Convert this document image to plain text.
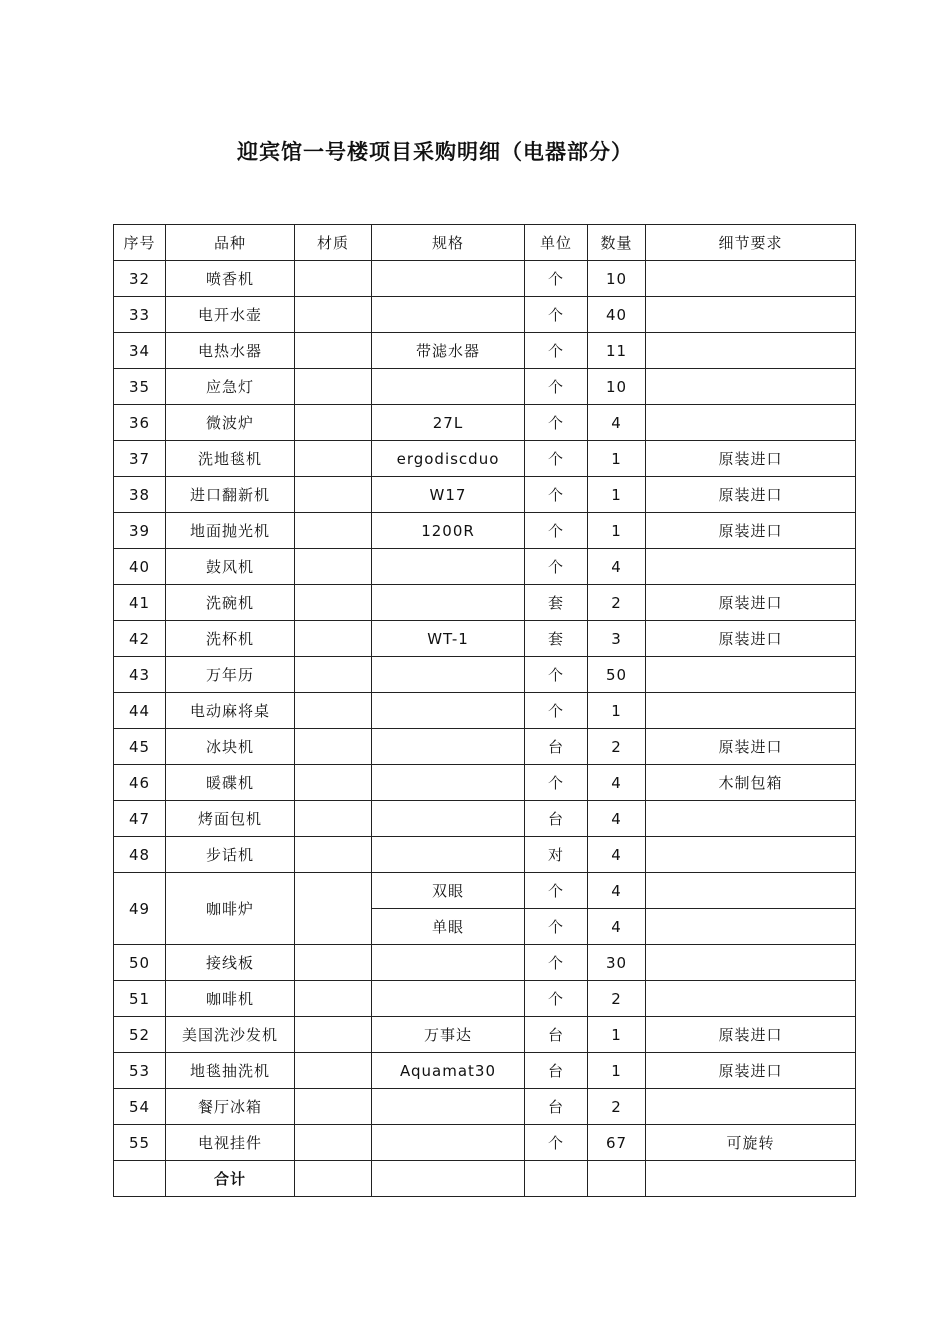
迎宾馆一号楼项目采购明细（电器部分）
序号	品种	材质	规格	单位	数量	细节要求
32	喷香机			个	10	
33	电开水壶			个	40	
34	电热水器		带滤水器	个	11	
35	应急灯			个	10	
36	微波炉		27L	个	4	
37	洗地毯机		ergodiscduo	个	1	原装进口
38	进口翻新机		W17	个	1	原装进口
39	地面抛光机		1200R	个	1	原装进口
40	鼓风机			个	4	
41	洗碗机			套	2	原装进口
42	洗杯机		WT-1	套	3	原装进口
43	万年历			个	50	
44	电动麻将桌			个	1	
45	冰块机			台	2	原装进口
46	暖碟机			个	4	木制包箱
47	烤面包机			台	4	
48	步话机			对	4	
49	咖啡炉		双眼	个	4	
			单眼	个	4	
50	接线板			个	30	
51	咖啡机			个	2	
52	美国洗沙发机		万事达	台	1	原装进口
53	地毯抽洗机		Aquamat30	台	1	原装进口
54	餐厅冰箱			台	2	
55	电视挂件			个	67	可旋转
	合计					
